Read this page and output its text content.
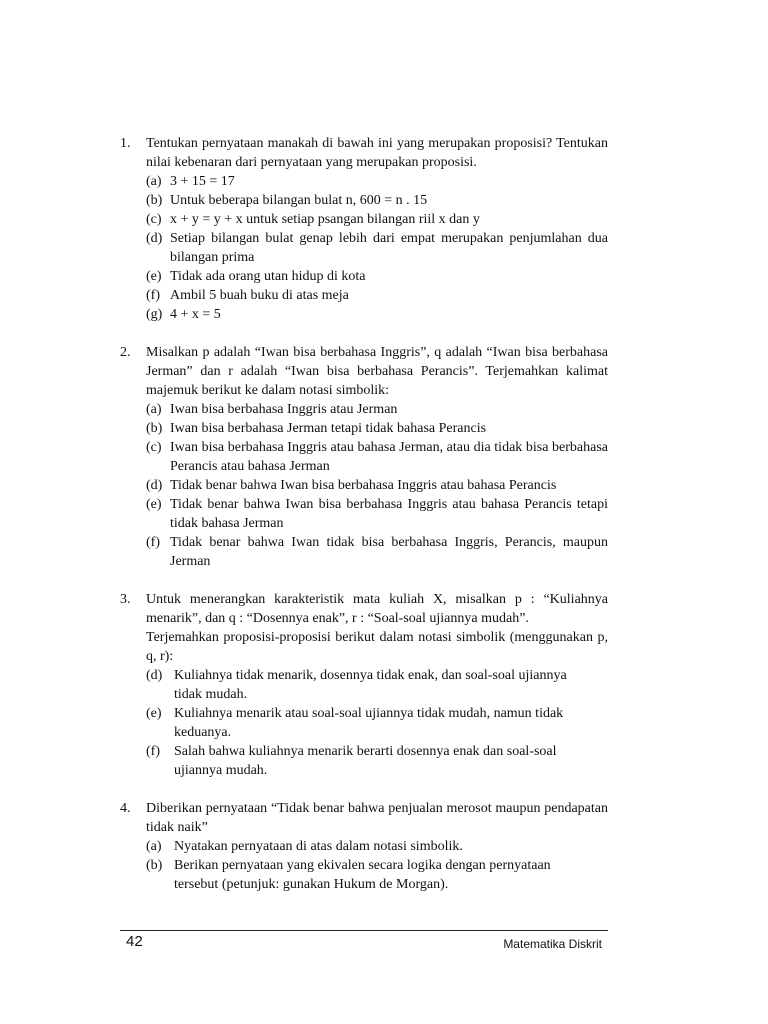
1. Tentukan pernyataan manakah di bawah ini yang merupakan proposisi? Tentukan nilai kebenaran dari pernyataan yang merupakan proposisi.
(a) 3 + 15 = 17
(b) Untuk beberapa bilangan bulat n, 600 = n . 15
(c) x + y = y + x untuk setiap psangan bilangan riil x dan y
(d) Setiap bilangan bulat genap lebih dari empat merupakan penjumlahan dua bilangan prima
(e) Tidak ada orang utan hidup di kota
(f) Ambil 5 buah buku di atas meja
(g) 4 + x = 5
2. Misalkan p adalah “Iwan bisa berbahasa Inggris”, q adalah “Iwan bisa berbahasa Jerman” dan r adalah “Iwan bisa berbahasa Perancis”. Terjemahkan kalimat majemuk berikut ke dalam notasi simbolik:
(a) Iwan bisa berbahasa Inggris atau Jerman
(b) Iwan bisa berbahasa Jerman tetapi tidak bahasa Perancis
(c) Iwan bisa berbahasa Inggris atau bahasa Jerman, atau dia tidak bisa berbahasa Perancis atau bahasa Jerman
(d) Tidak benar bahwa Iwan bisa berbahasa Inggris atau bahasa Perancis
(e) Tidak benar bahwa Iwan bisa berbahasa Inggris atau bahasa Perancis tetapi tidak bahasa Jerman
(f) Tidak benar bahwa Iwan tidak bisa berbahasa Inggris, Perancis, maupun Jerman
3. Untuk menerangkan karakteristik mata kuliah X, misalkan p : “Kuliahnya menarik”, dan q : “Dosennya enak”, r : “Soal-soal ujiannya mudah”.
Terjemahkan proposisi-proposisi berikut dalam notasi simbolik (menggunakan p, q, r):
(d) Kuliahnya tidak menarik, dosennya tidak enak, dan soal-soal ujiannya
tidak mudah.
(e) Kuliahnya menarik atau soal-soal ujiannya tidak mudah, namun tidak
keduanya.
(f) Salah bahwa kuliahnya menarik berarti dosennya enak dan soal-soal
ujiannya mudah.
4. Diberikan pernyataan “Tidak benar bahwa penjualan merosot maupun pendapatan tidak naik”
(a) Nyatakan pernyataan di atas dalam notasi simbolik.
(b) Berikan pernyataan yang ekivalen secara logika dengan pernyataan
tersebut (petunjuk: gunakan Hukum de Morgan).
42	Matematika Diskrit
